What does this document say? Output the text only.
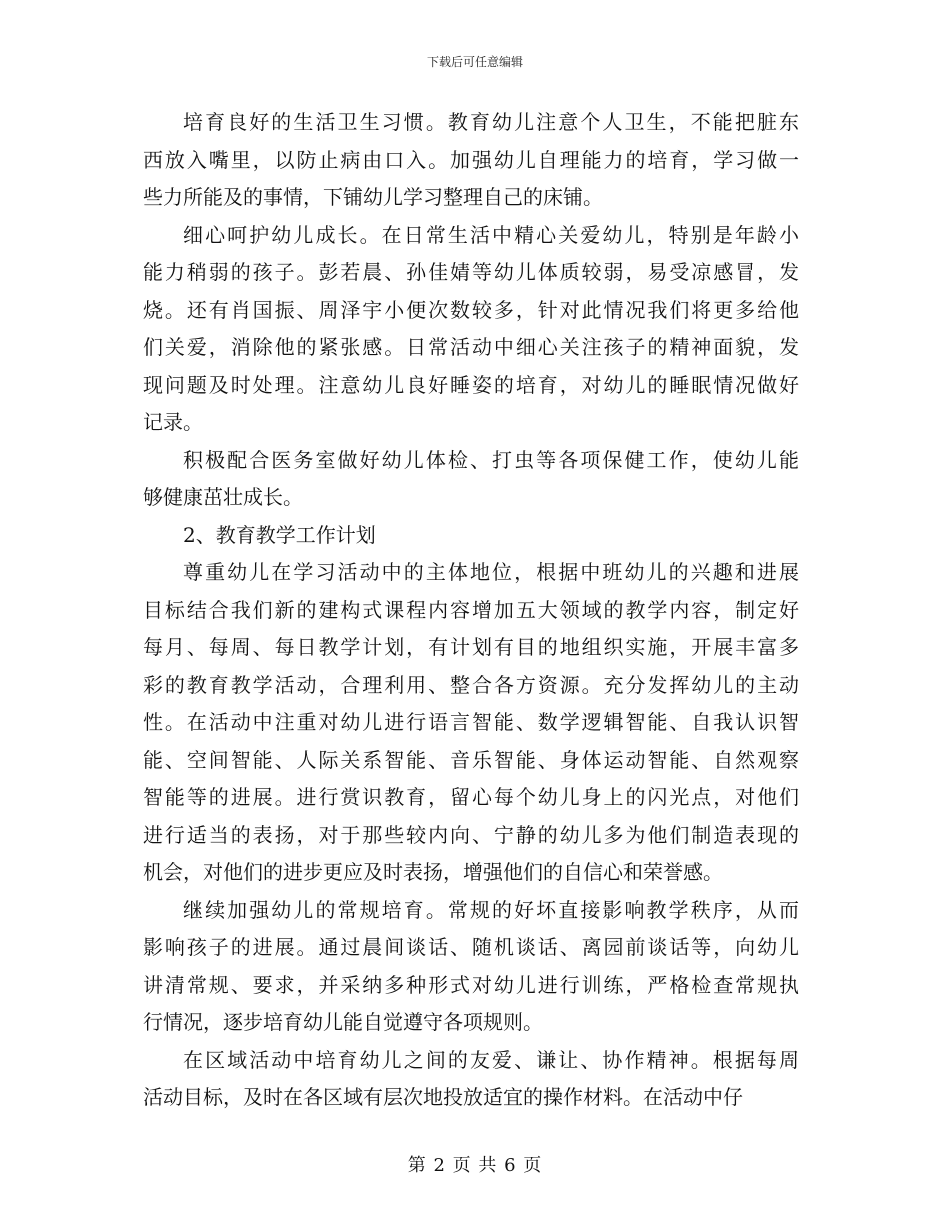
下载后可任意编辑

培育良好的生活卫生习惯。教育幼儿注意个人卫生，不能把脏东
西放入嘴里，以防止病由口入。加强幼儿自理能力的培育，学习做一
些力所能及的事情，下铺幼儿学习整理自己的床铺。

细心呵护幼儿成长。在日常生活中精心关爱幼儿，特别是年龄小
能力稍弱的孩子。彭若晨、孙佳婧等幼儿体质较弱，易受凉感冒，发
烧。还有肖国振、周泽宇小便次数较多，针对此情况我们将更多给他
们关爱，消除他的紧张感。日常活动中细心关注孩子的精神面貌，发
现问题及时处理。注意幼儿良好睡姿的培育，对幼儿的睡眠情况做好
记录。

积极配合医务室做好幼儿体检、打虫等各项保健工作，使幼儿能
够健康茁壮成长。

2、教育教学工作计划

尊重幼儿在学习活动中的主体地位，根据中班幼儿的兴趣和进展
目标结合我们新的建构式课程内容增加五大领域的教学内容，制定好
每月、每周、每日教学计划，有计划有目的地组织实施，开展丰富多
彩的教育教学活动，合理利用、整合各方资源。充分发挥幼儿的主动
性。在活动中注重对幼儿进行语言智能、数学逻辑智能、自我认识智
能、空间智能、人际关系智能、音乐智能、身体运动智能、自然观察
智能等的进展。进行赏识教育，留心每个幼儿身上的闪光点，对他们
进行适当的表扬，对于那些较内向、宁静的幼儿多为他们制造表现的
机会，对他们的进步更应及时表扬，增强他们的自信心和荣誉感。

继续加强幼儿的常规培育。常规的好坏直接影响教学秩序，从而
影响孩子的进展。通过晨间谈话、随机谈话、离园前谈话等，向幼儿
讲清常规、要求，并采纳多种形式对幼儿进行训练，严格检查常规执
行情况，逐步培育幼儿能自觉遵守各项规则。

在区域活动中培育幼儿之间的友爱、谦让、协作精神。根据每周
活动目标，及时在各区域有层次地投放适宜的操作材料。在活动中仔

第 2 页 共 6 页
